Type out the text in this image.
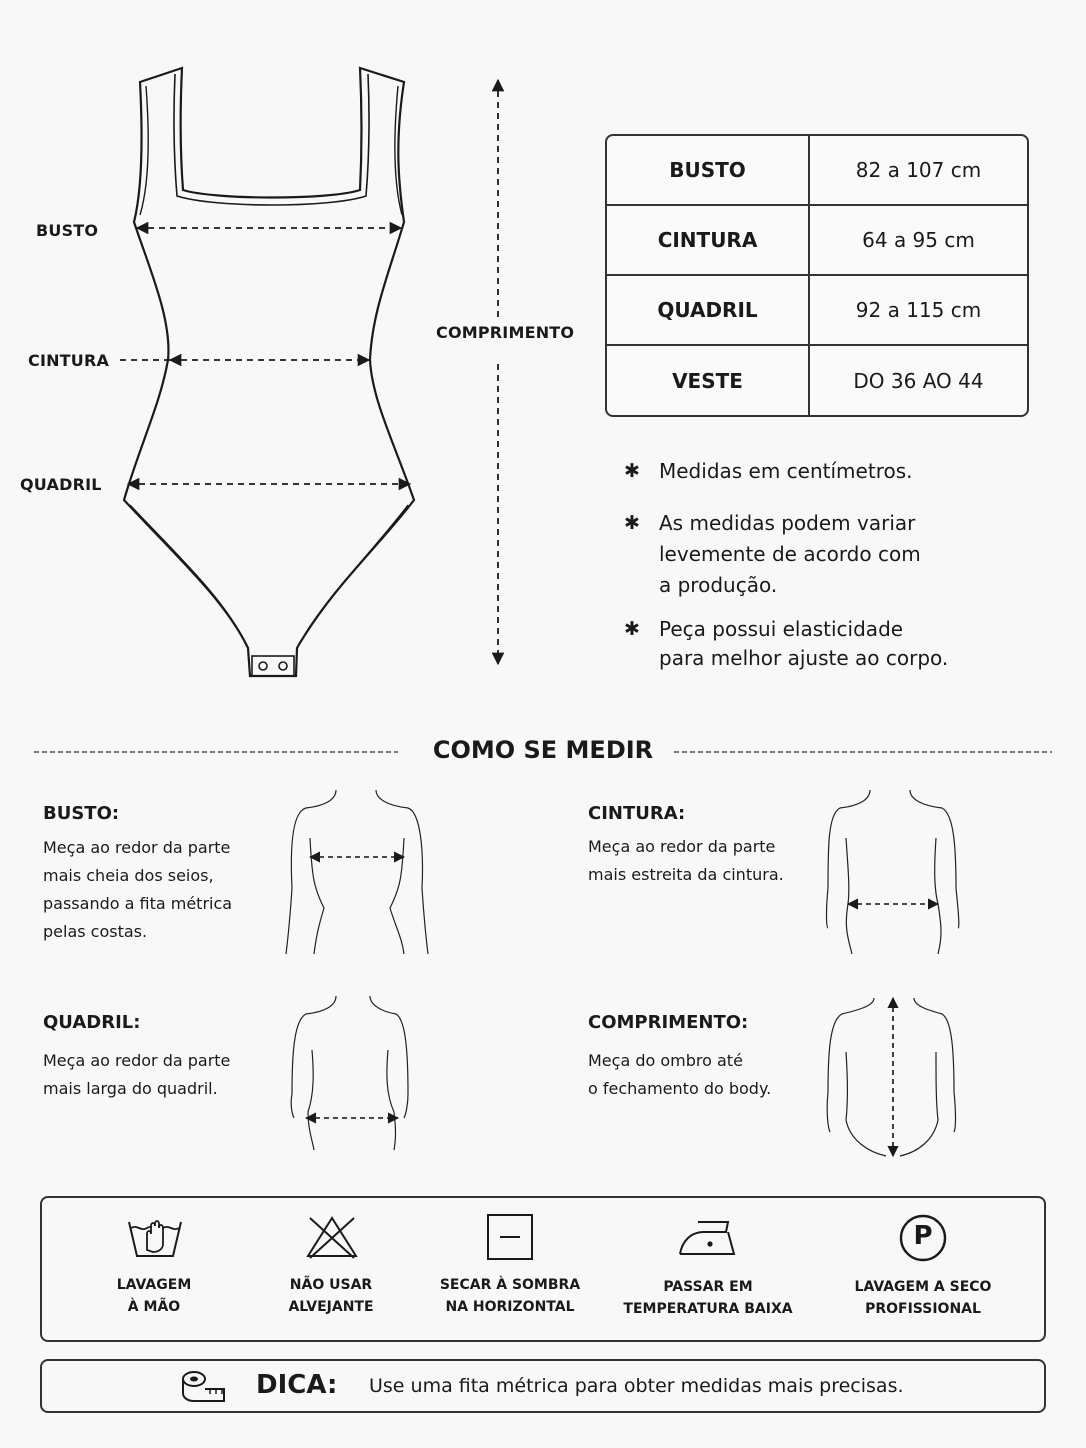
BUSTO
CINTURA
QUADRIL
COMPRIMENTO
BUSTO	82 a 107 cm
CINTURA	64 a 95 cm
QUADRIL	92 a 115 cm
VESTE	DO 36 AO 44
✱ Medidas em centímetros.
✱ As medidas podem variar
levemente de acordo com
a produção.
✱ Peça possui elasticidade
para melhor ajuste ao corpo.
COMO SE MEDIR
BUSTO:
Meça ao redor da parte
mais cheia dos seios,
passando a fita métrica
pelas costas.
CINTURA:
Meça ao redor da parte
mais estreita da cintura.
QUADRIL:
Meça ao redor da parte
mais larga do quadril.
COMPRIMENTO:
Meça do ombro até
o fechamento do body.
P
LAVAGEM
À MÃO
NÃO USAR
ALVEJANTE
SECAR À SOMBRA
NA HORIZONTAL
PASSAR EM
TEMPERATURA BAIXA
LAVAGEM A SECO
PROFISSIONAL
DICA: Use uma fita métrica para obter medidas mais precisas.
